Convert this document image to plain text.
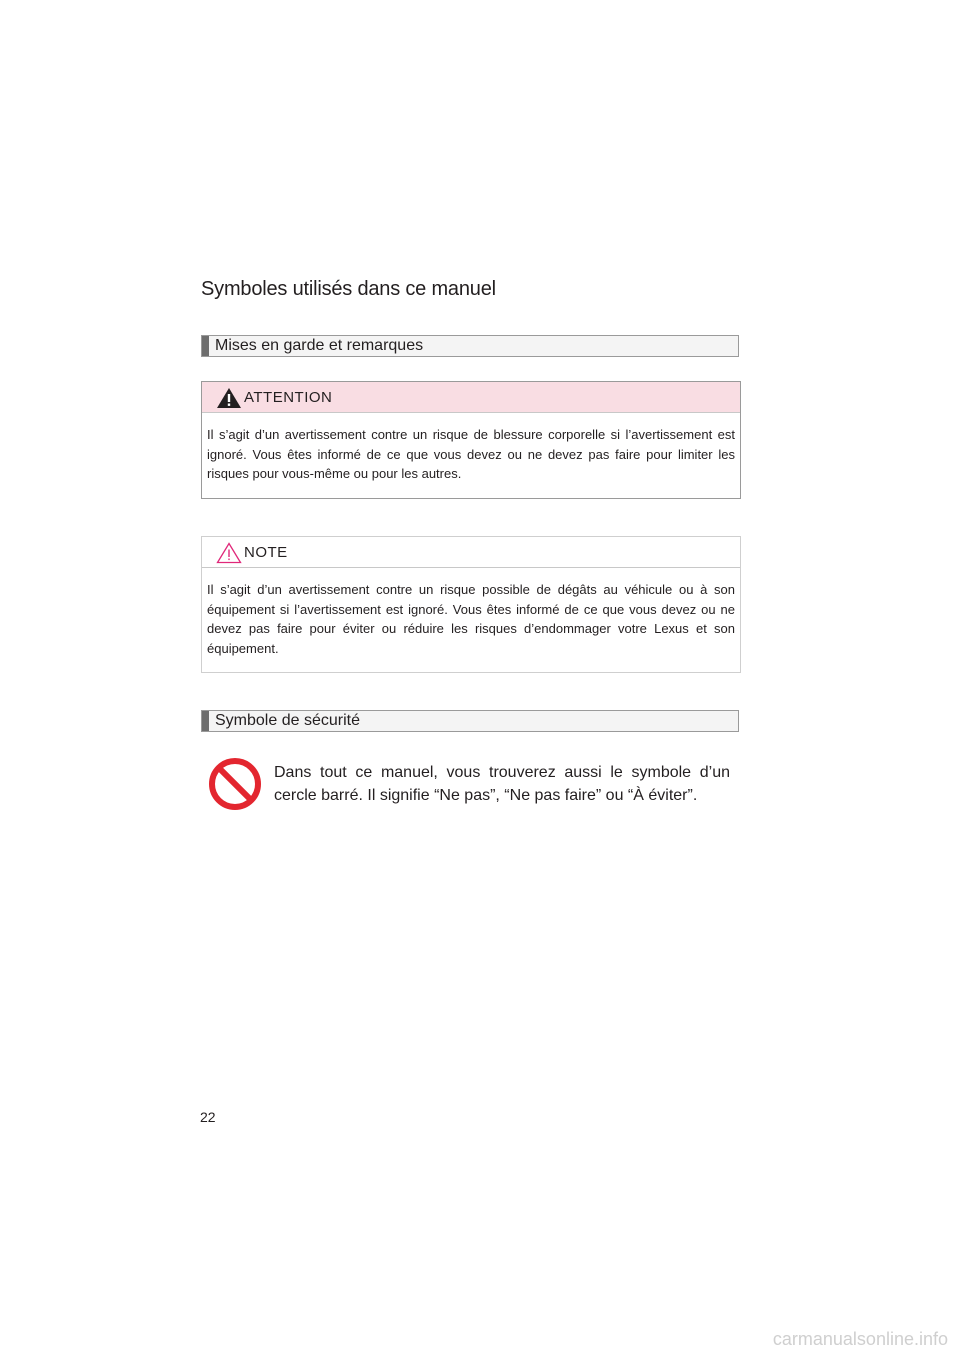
Symboles utilisés dans ce manuel
Mises en garde et remarques
ATTENTION
Il s’agit d’un avertissement contre un risque de blessure corporelle si l’avertissement est ignoré. Vous êtes informé de ce que vous devez ou ne devez pas faire pour limiter les risques pour vous-même ou pour les autres.
NOTE
Il s’agit d’un avertissement contre un risque possible de dégâts au véhicule ou à son équipement si l’avertissement est ignoré. Vous êtes informé de ce que vous devez ou ne devez pas faire pour éviter ou réduire les risques d’endommager votre Lexus et son équipement.
Symbole de sécurité
Dans tout ce manuel, vous trouverez aussi le symbole d’un cercle barré. Il signifie “Ne pas”, “Ne pas faire” ou “À éviter”.
22
carmanualsonline.info
